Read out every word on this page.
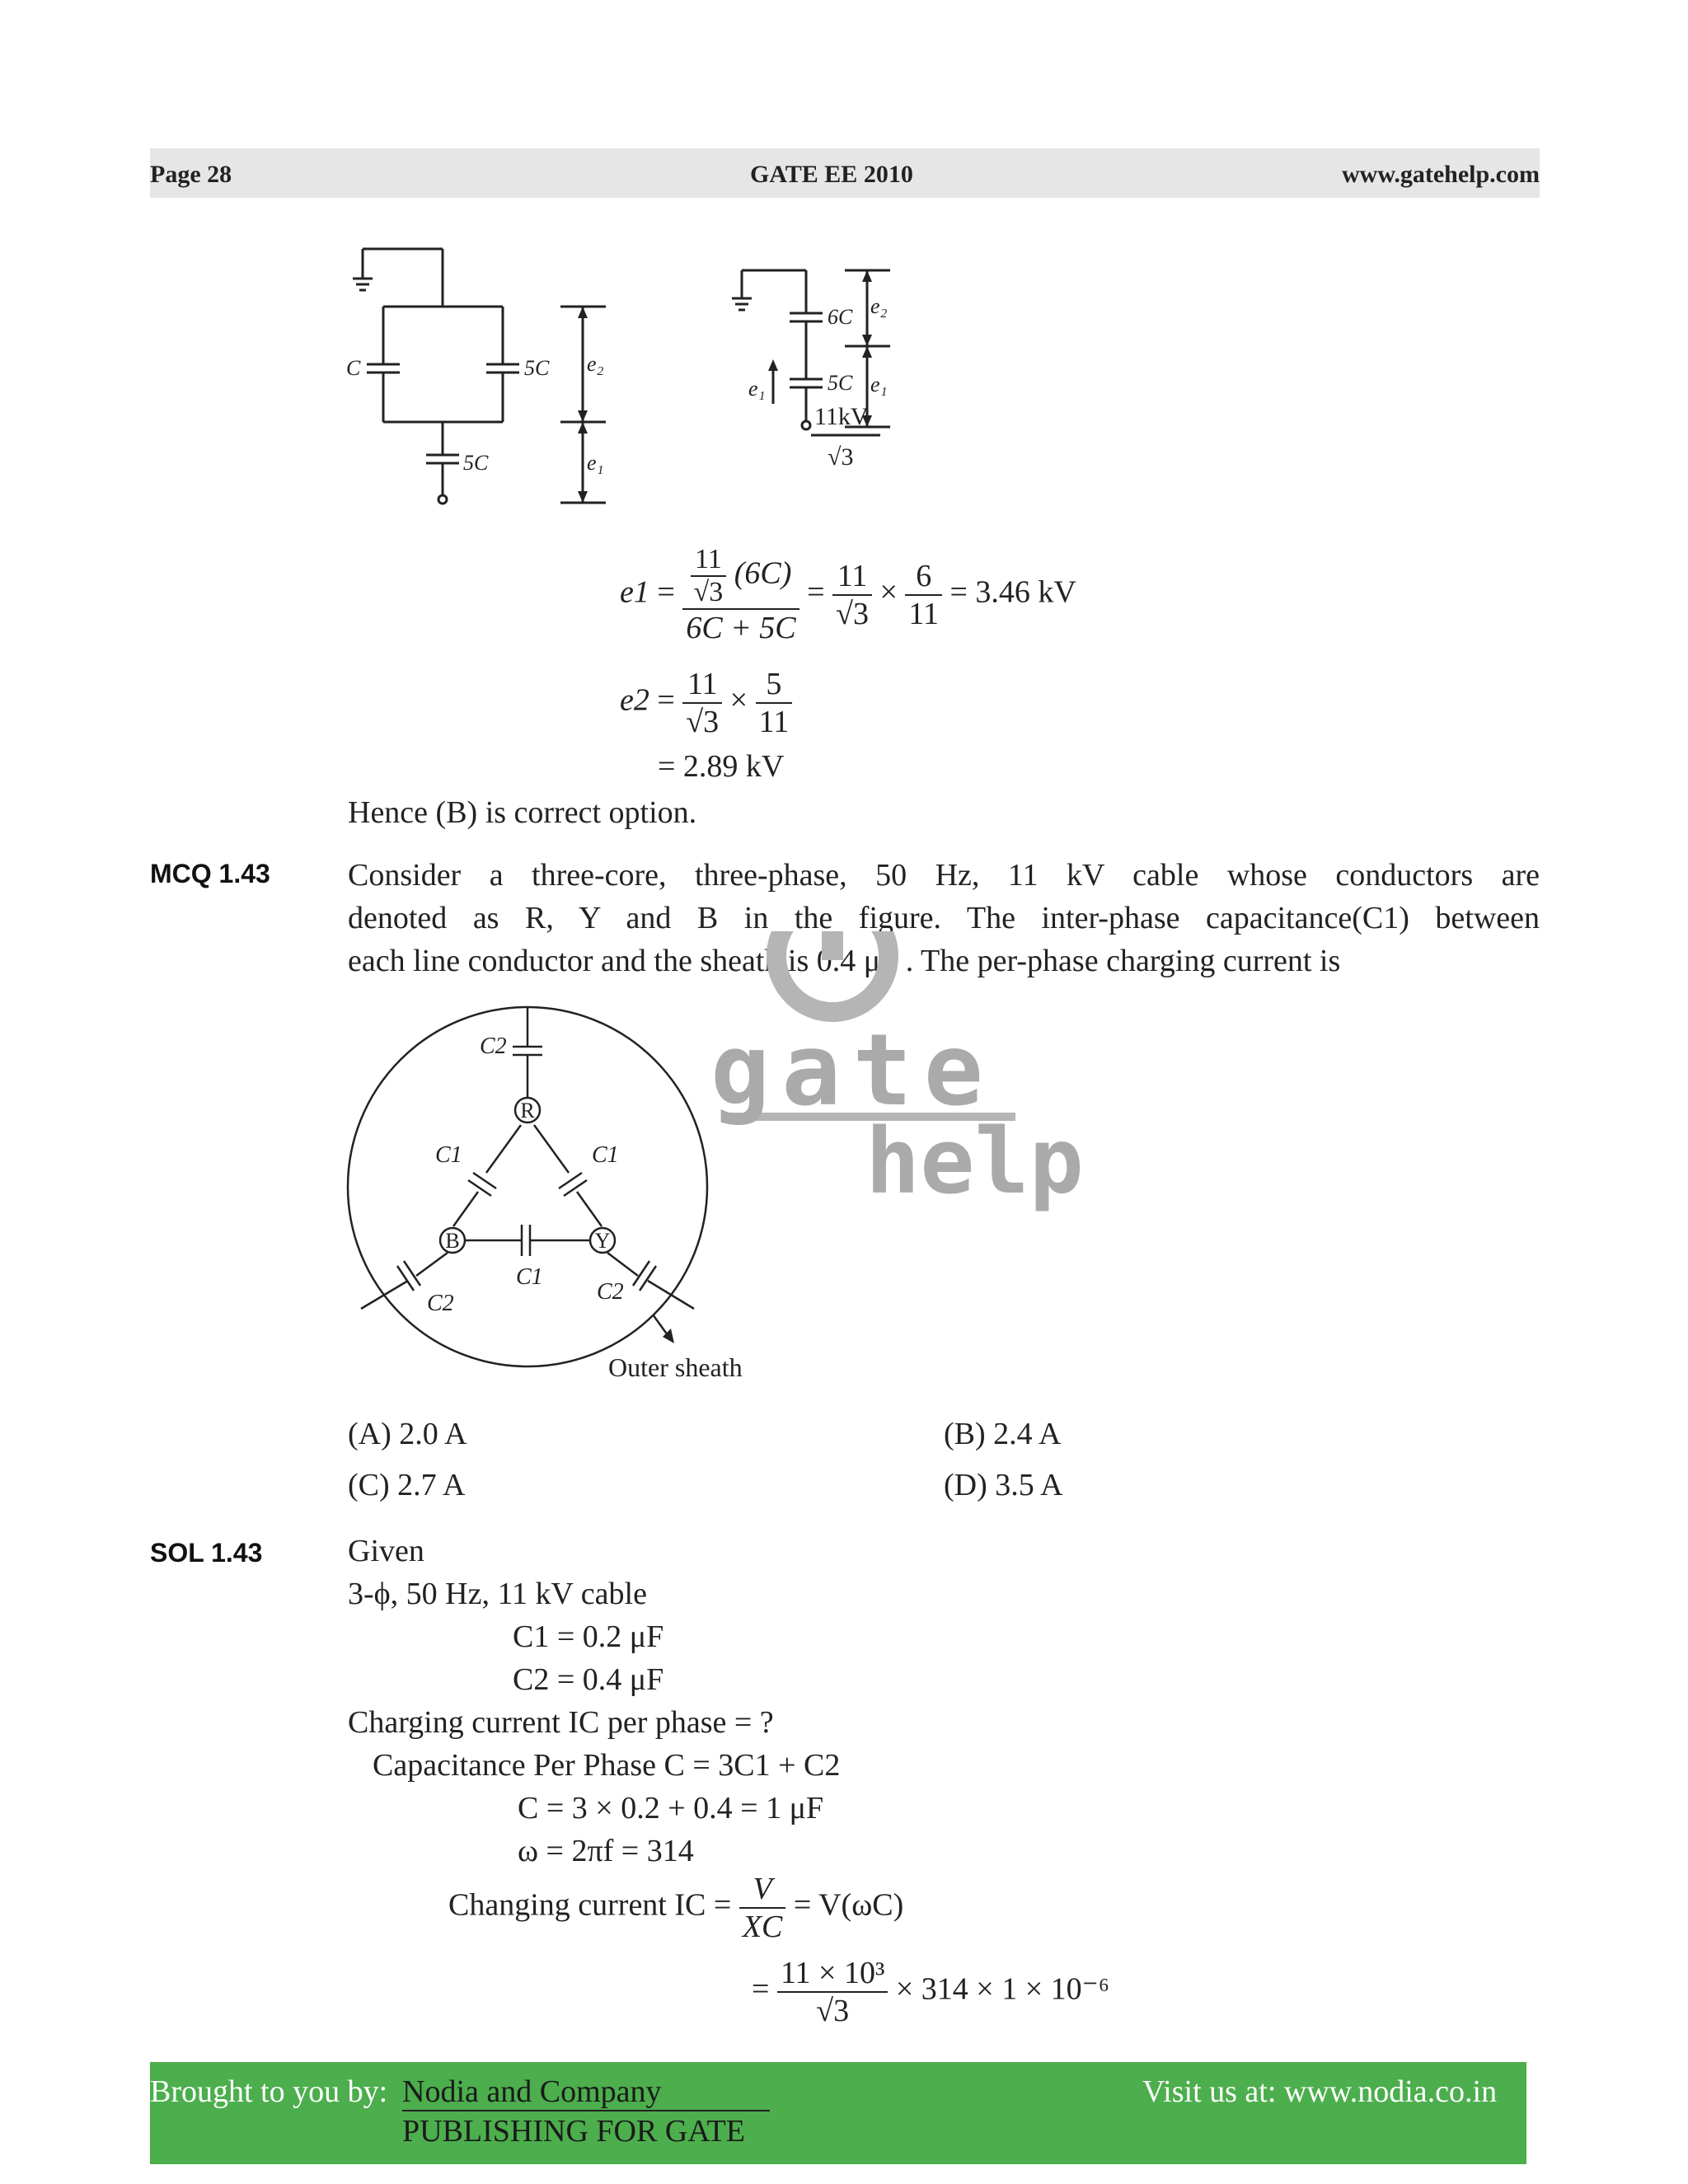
Page 28	GATE EE 2010	www.gatehelp.com
C	5C
5C
e₂
e₁
6C
5C
e₁
e₂
e₁
11kV
√3
$e1 = \frac{\frac{11}{√3} (6C)}{6C + 5C} = \frac{11}{√3} \times \frac{6}{11} = 3.46$ kV
$e2 = \frac{11}{√3} \times \frac{5}{11}$
= 2.89 kV
Hence (B) is correct option.
MCQ 1.43 Consider a three-core, three-phase, 50 Hz, 11 kV cable whose conductors are
denoted as R, Y and B in the figure. The inter-phase capacitance(C1) between
each line conductor and the sheath is 0.4 μF . The per-phase charging current is
gate
help
R
Y
B
C2
C1	C1
C1
C2	C2
Outer sheath
(A) 2.0 A	(B) 2.4 A
(C) 2.7 A	(D) 3.5 A
SOL 1.43	Given
3-ϕ, 50 Hz, 11 kV cable
C1 = 0.2 μF
C2 = 0.4 μF
Charging current IC per phase = ?
Capacitance Per Phase C = 3C1 + C2
C = 3 × 0.2 + 0.4 = 1 μF
ω = 2πf = 314
Changing current IC = $\frac{V}{XC} = V(\omega C)$
= $\frac{\text{11 × 10³}}{√3} \times 314 \times 1 \times 10^{-6}$
Brought to you by: Nodia and Company
PUBLISHING FOR GATE
Visit us at: www.nodia.co.in
